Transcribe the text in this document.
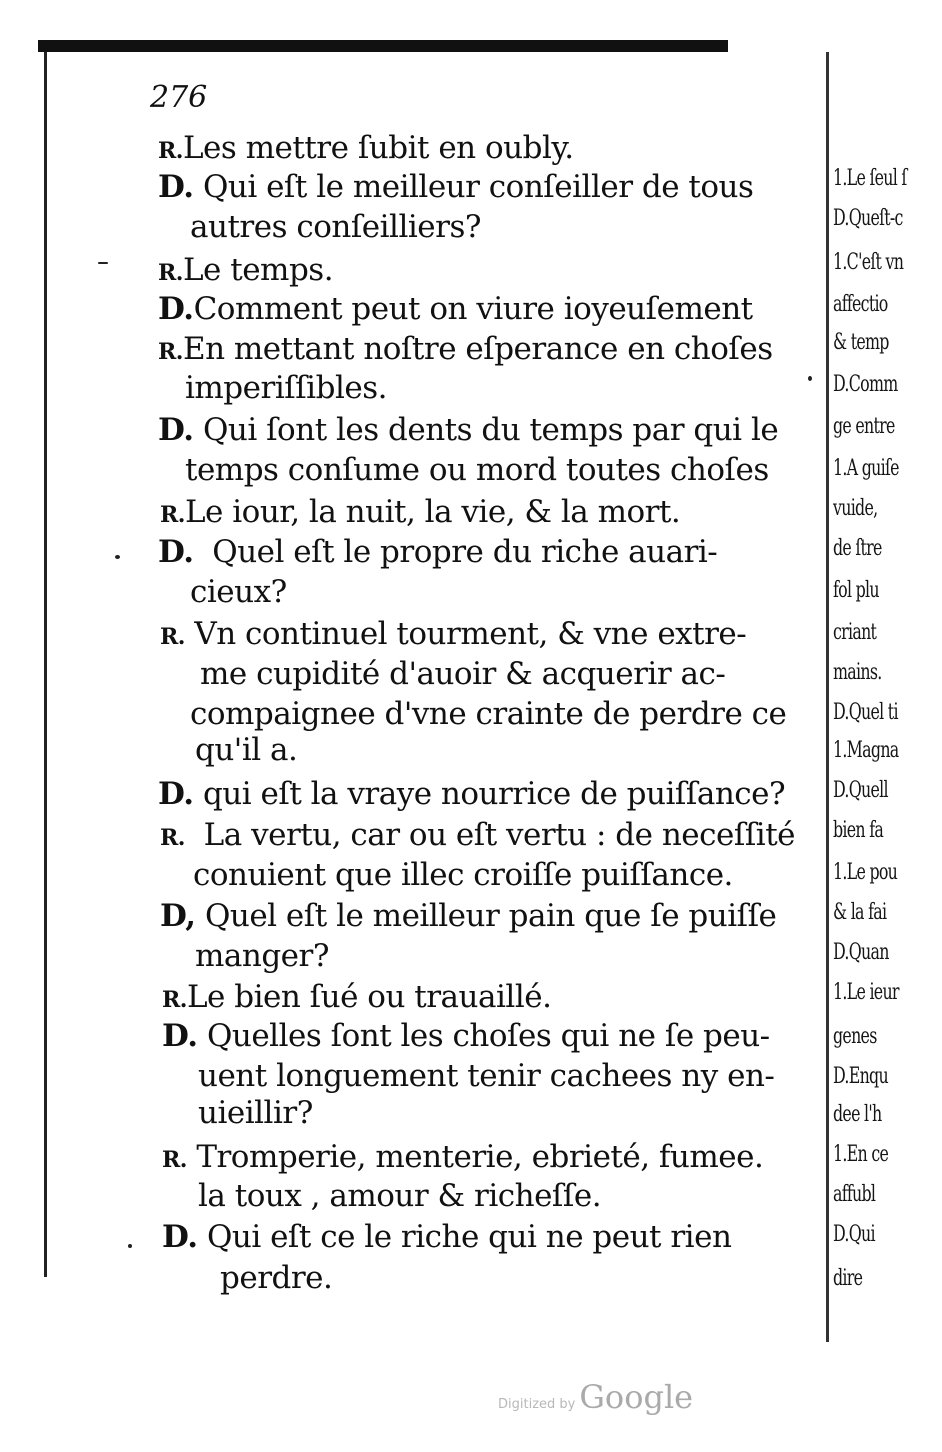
276
R.Les mettre ſubit en oubly.
D. Qui eſt le meilleur conſeiller de tous
autres conſeilliers?
R.Le temps.
D.Comment peut on viure ioyeuſement
R.En mettant noſtre eſperance en choſes
imperiſſibles.
D. Qui ſont les dents du temps par qui le
temps conſume ou mord toutes choſes
R.Le iour, la nuit, la vie, & la mort.
D. Quel eſt le propre du riche auari-
cieux?
R. Vn continuel tourment, & vne extre-
me cupidité d'auoir & acquerir ac-
compaignee d'vne crainte de perdre ce
qu'il a.
D. qui eſt la vraye nourrice de puiſſance?
R. La vertu, car ou eſt vertu : de neceſſité
conuient que illec croiſſe puiſſance.
D, Quel eſt le meilleur pain que ſe puiſſe
manger?
R.Le bien ſué ou trauaillé.
D. Quelles ſont les choſes qui ne ſe peu-
uent longuement tenir cachees ny en-
uieillir?
R. Tromperie, menterie, ebrieté, fumee.
la toux , amour & richeſſe.
D. Qui eſt ce le riche qui ne peut rien
perdre.
1.Le ſeul ſ
D.Queſt-c
1.C'eſt vn
affectio
& temp
D.Comm
ge entre
1.A guiſe
vuide,
de ſtre
fol plu
criant
mains.
D.Quel ti
1.Magna
D.Quell
bien fa
1.Le pou
& la fai
D.Quan
1.Le ieur
genes
D.Enqu
dee l'h
1.En ce
affubl
D.Qui
dire
Digitized by Google
